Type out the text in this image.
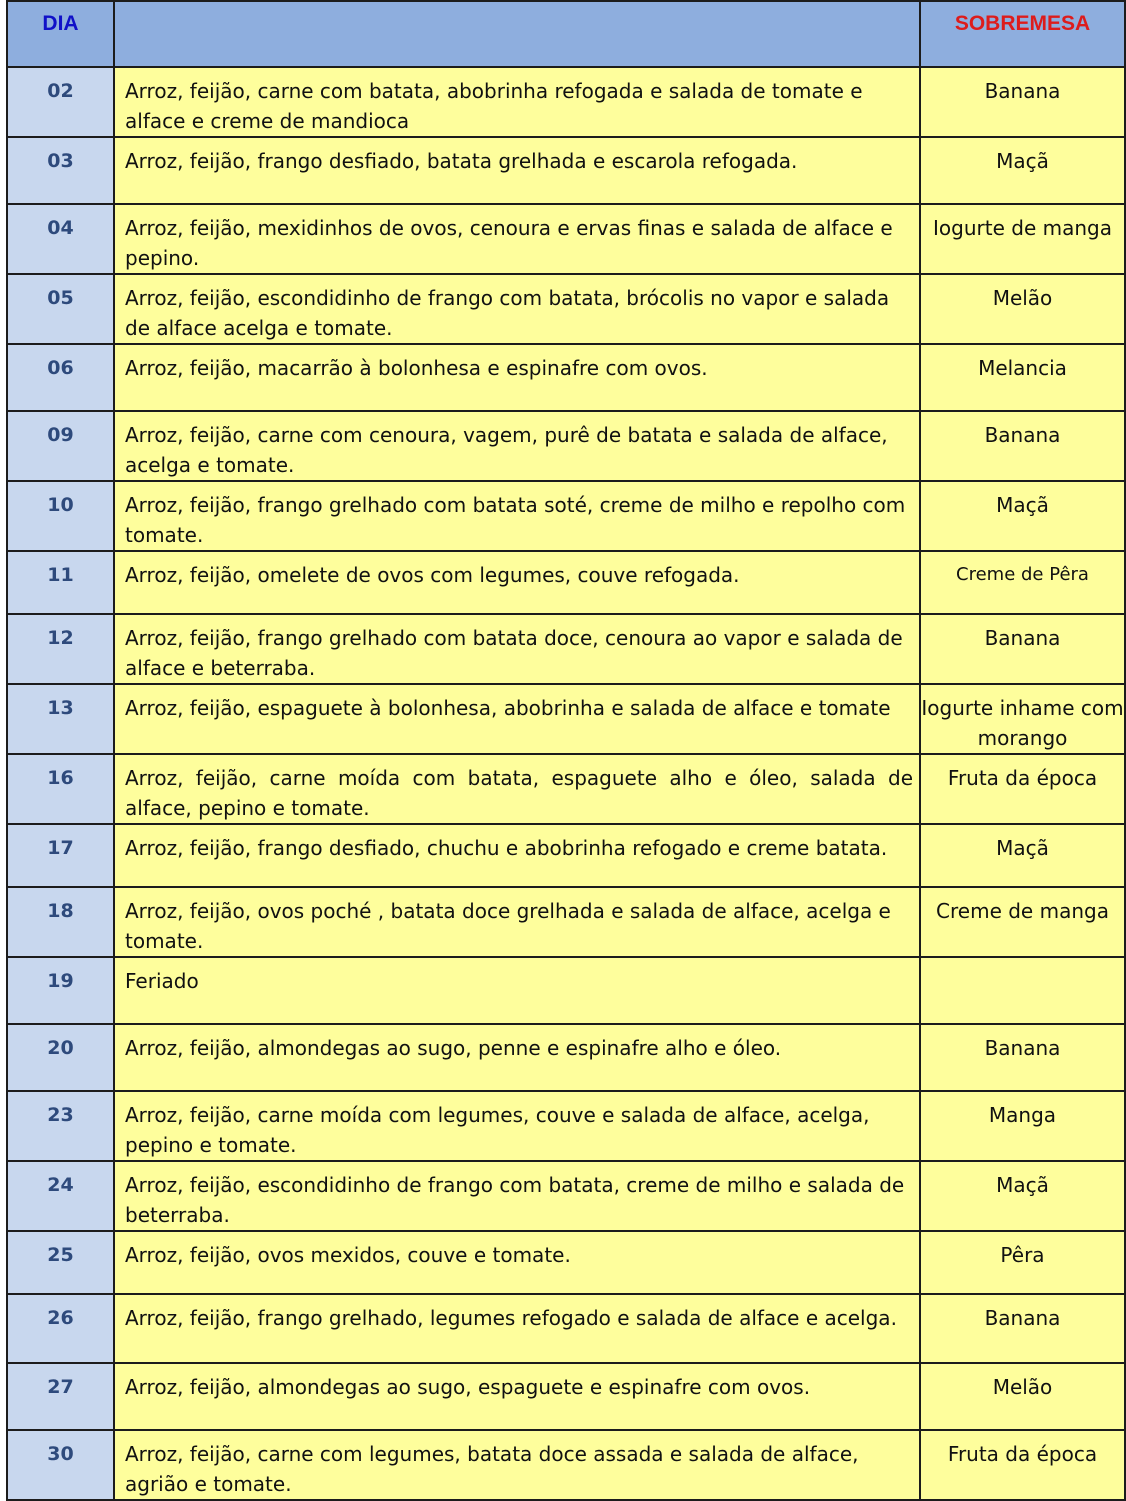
DIA		SOBREMESA
02	Arroz, feijão, carne com batata, abobrinha refogada e salada de tomate e alface e creme de mandioca	Banana
03	Arroz, feijão, frango desfiado, batata grelhada e escarola refogada.	Maçã
04	Arroz, feijão, mexidinhos de ovos, cenoura e ervas finas e salada de alface e pepino.	Iogurte de manga
05	Arroz, feijão, escondidinho de frango com batata, brócolis no vapor e salada de alface acelga e tomate.	Melão
06	Arroz, feijão, macarrão à bolonhesa e espinafre com ovos.	Melancia
09	Arroz, feijão, carne com cenoura, vagem, purê de batata e salada de alface, acelga e tomate.	Banana
10	Arroz, feijão, frango grelhado com batata soté, creme de milho e repolho com tomate.	Maçã
11	Arroz, feijão, omelete de ovos com legumes, couve refogada.	Creme de Pêra
12	Arroz, feijão, frango grelhado com batata doce, cenoura ao vapor e salada de alface e beterraba.	Banana
13	Arroz, feijão, espaguete à bolonhesa, abobrinha e salada de alface e tomate	Iogurte inhame com morango
16	Arroz, feijão, carne moída com batata, espaguete alho e óleo, salada de alface, pepino e tomate.	Fruta da época
17	Arroz, feijão, frango desfiado, chuchu e abobrinha refogado e creme batata.	Maçã
18	Arroz, feijão, ovos poché , batata doce grelhada e salada de alface, acelga e tomate.	Creme de manga
19	Feriado	
20	Arroz, feijão, almondegas ao sugo, penne e espinafre alho e óleo.	Banana
23	Arroz, feijão, carne moída com legumes, couve e salada de alface, acelga, pepino e tomate.	Manga
24	Arroz, feijão, escondidinho de frango com batata, creme de milho e salada de beterraba.	Maçã
25	Arroz, feijão, ovos mexidos, couve e tomate.	Pêra
26	Arroz, feijão, frango grelhado, legumes refogado e salada de alface e acelga.	Banana
27	Arroz, feijão, almondegas ao sugo, espaguete e espinafre com ovos.	Melão
30	Arroz, feijão, carne com legumes, batata doce assada e salada de alface, agrião e tomate.	Fruta da época
